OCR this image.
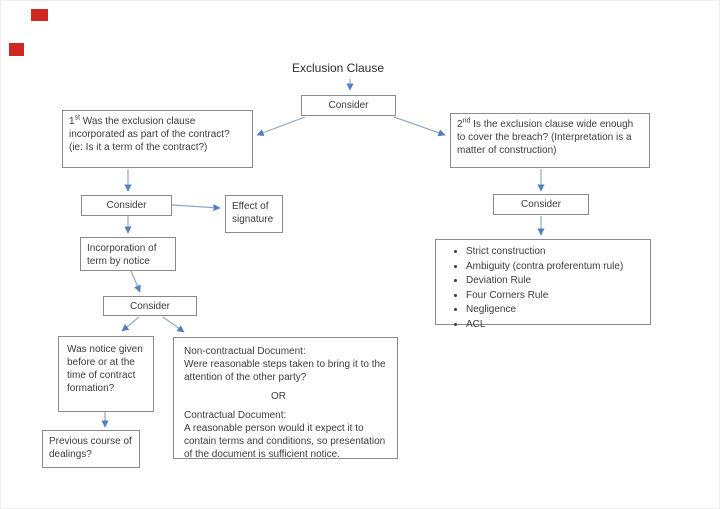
Exclusion Clause
Consider
1st Was the exclusion clause incorporated as part of the contract? (ie: Is it a term of the contract?)
2nd Is the exclusion clause wide enough to cover the breach? (Interpretation is a matter of construction)
Consider	Effect of signature
Incorporation of term by notice
Consider
Was notice given before or at the time of contract formation?
Non-contractual Document:
Were reasonable steps taken to bring it to the attention of the other party?
OR
Contractual Document:
A reasonable person would it expect it to contain terms and conditions, so presentation of the document is sufficient notice.
Previous course of dealings?
Consider
• Strict construction
• Ambiguity (contra proferentum rule)
• Deviation Rule
• Four Corners Rule
• Negligence
• ACL
